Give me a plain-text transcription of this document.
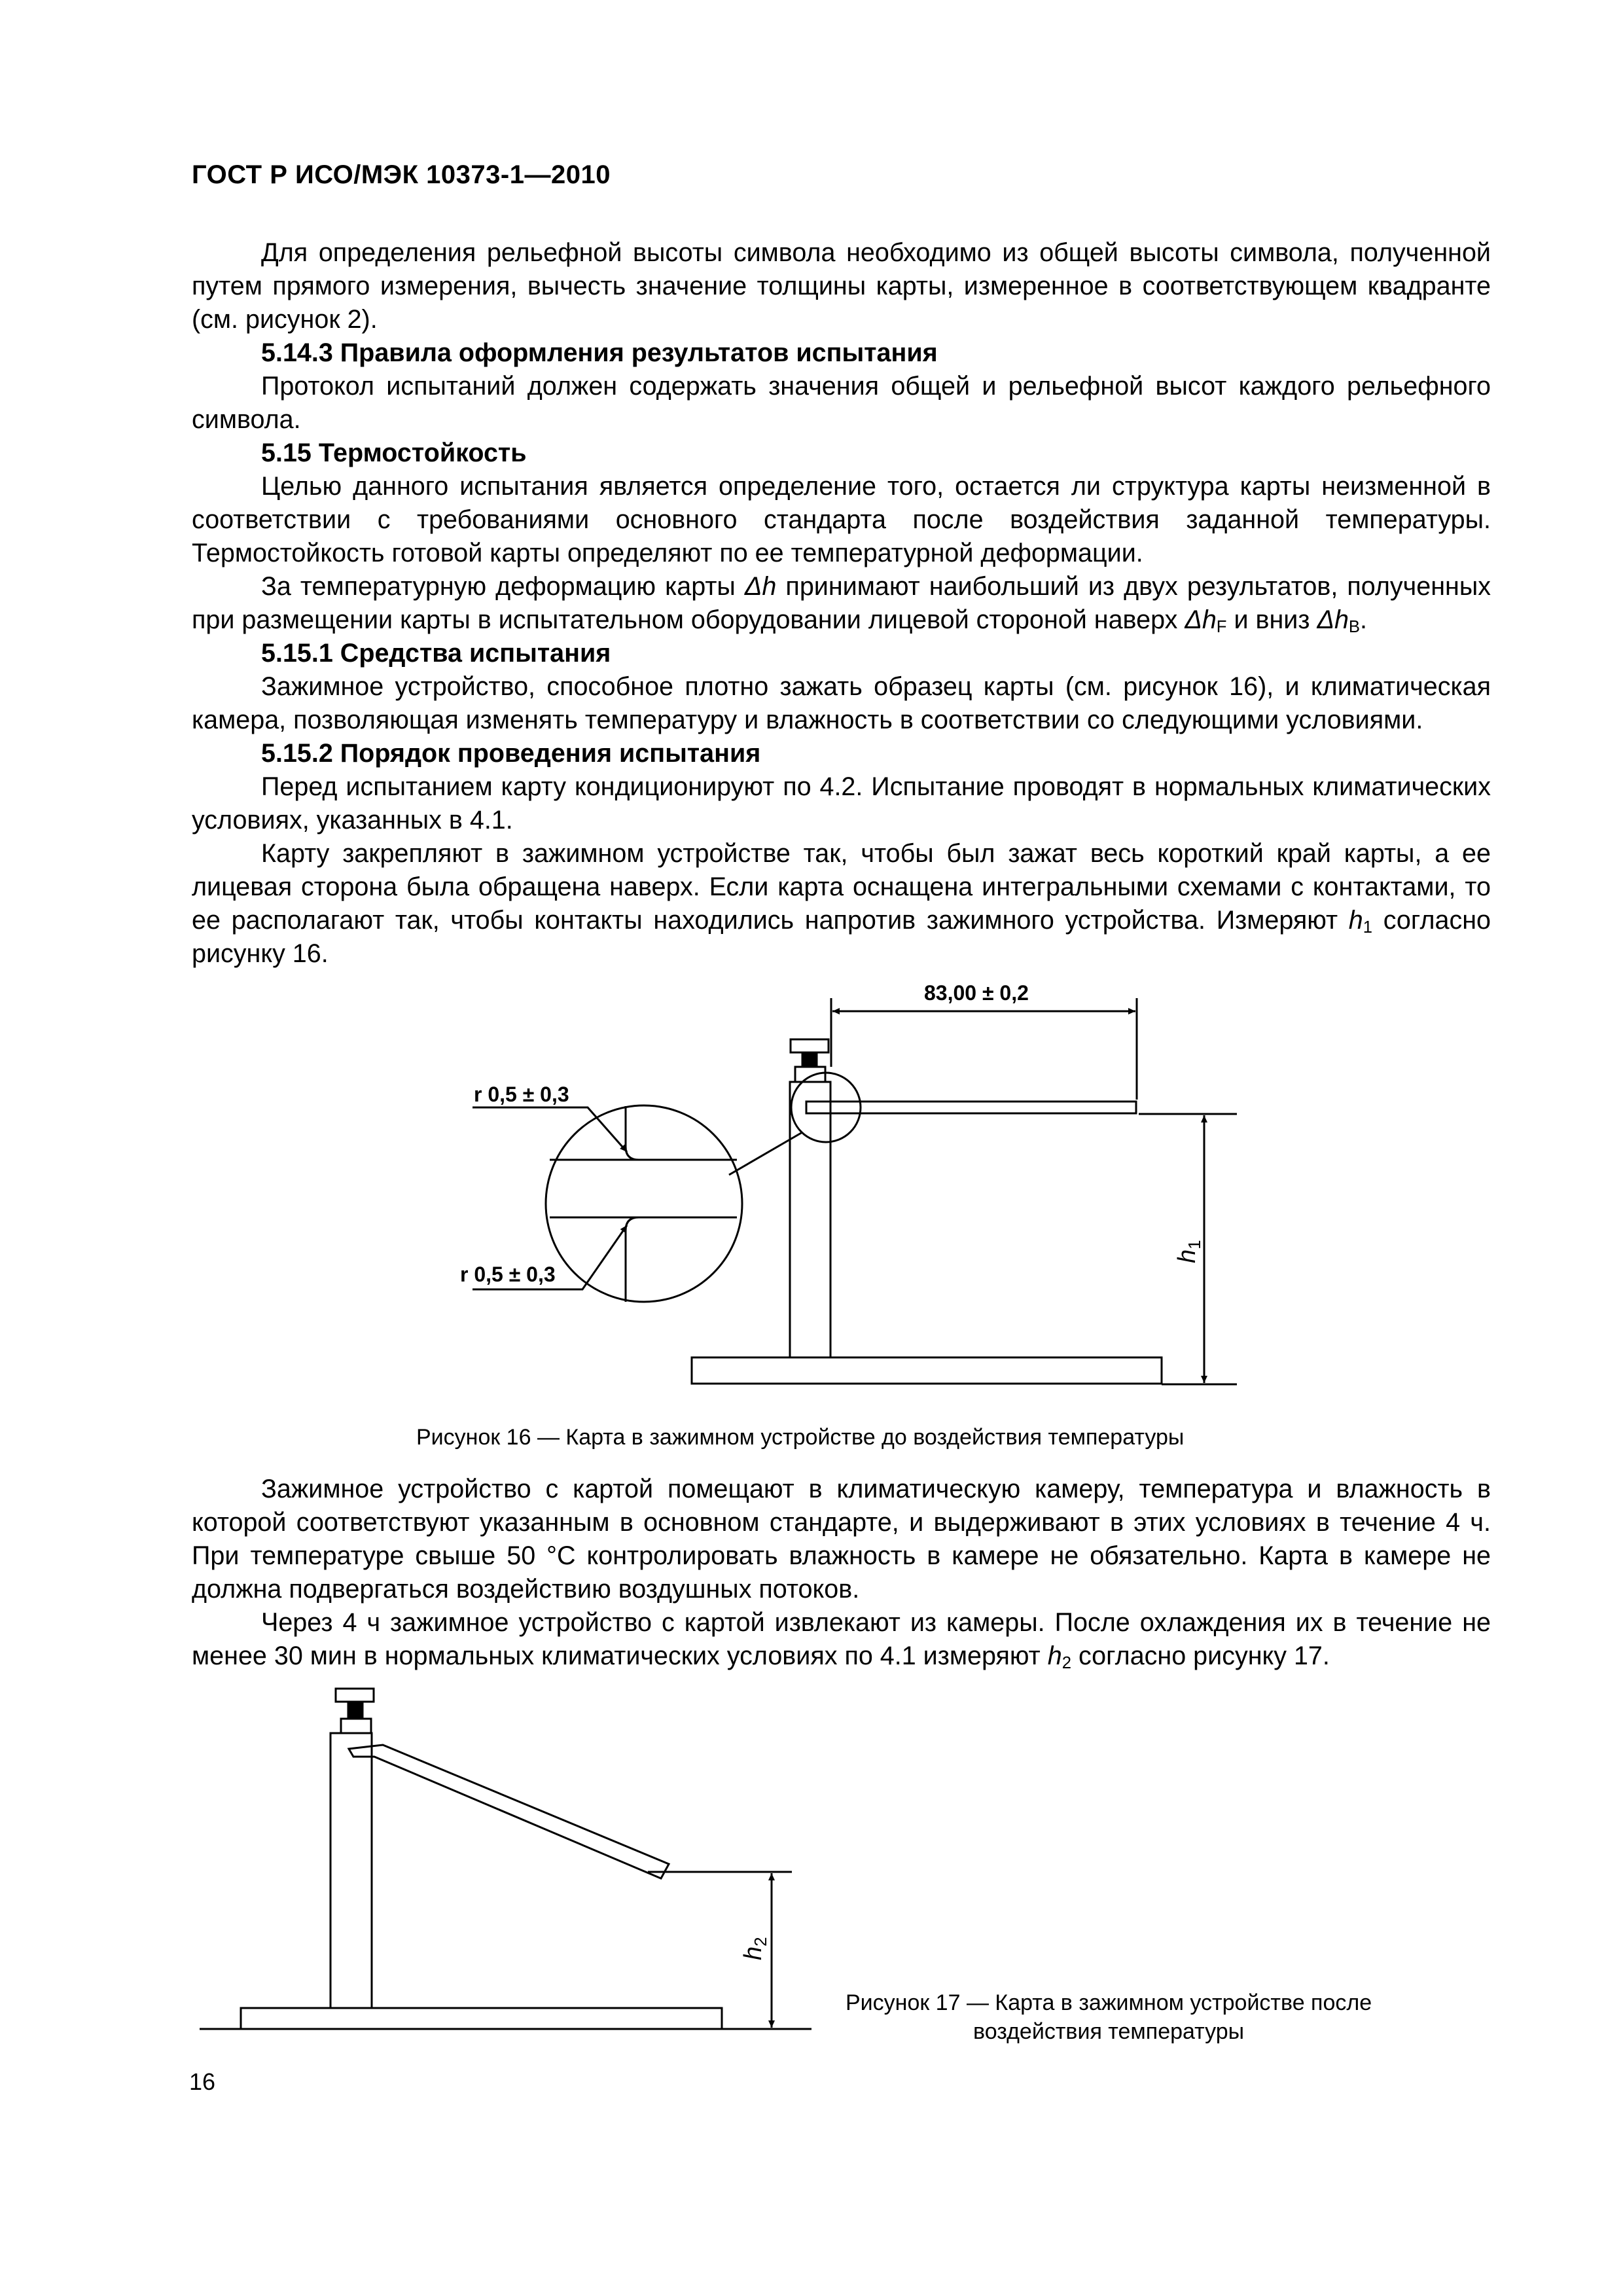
ГОСТ Р ИСО/МЭК 10373-1—2010

Для определения рельефной высоты символа необходимо из общей высоты символа, полученной путем прямого измерения, вычесть значение толщины карты, измеренное в соответствующем квадранте (см. рисунок 2).

5.14.3 Правила оформления результатов испытания

Протокол испытаний должен содержать значения общей и рельефной высот каждого рельефного символа.

5.15 Термостойкость

Целью данного испытания является определение того, остается ли структура карты неизменной в соответствии с требованиями основного стандарта после воздействия заданной температуры. Термостойкость готовой карты определяют по ее температурной деформации.

За температурную деформацию карты Δh принимают наибольший из двух результатов, полученных при размещении карты в испытательном оборудовании лицевой стороной наверх $\Delta h_F$ и вниз $\Delta h_B$.

5.15.1 Средства испытания

Зажимное устройство, способное плотно зажать образец карты (см. рисунок 16), и климатическая камера, позволяющая изменять температуру и влажность в соответствии со следующими условиями.

5.15.2 Порядок проведения испытания

Перед испытанием карту кондиционируют по 4.2. Испытание проводят в нормальных климатических условиях, указанных в 4.1.

Карту закрепляют в зажимном устройстве так, чтобы был зажат весь короткий край карты, а ее лицевая сторона была обращена наверх. Если карта оснащена интегральными схемами с контактами, то ее располагают так, чтобы контакты находились напротив зажимного устройства. Измеряют $h_1$ согласно рисунку 16.

83,00 ± 0,2
r 0,5 ± 0,3
r 0,5 ± 0,3
$h_1$
Рисунок 16 — Карта в зажимном устройстве до воздействия температуры

Зажимное устройство с картой помещают в климатическую камеру, температура и влажность в которой соответствуют указанным в основном стандарте, и выдерживают в этих условиях в течение 4 ч. При температуре свыше 50 °С контролировать влажность в камере не обязательно. Карта в камере не должна подвергаться воздействию воздушных потоков.

Через 4 ч зажимное устройство с картой извлекают из камеры. После охлаждения их в течение не менее 30 мин в нормальных климатических условиях по 4.1 измеряют $h_2$ согласно рисунку 17.

$h_2$
Рисунок 17 — Карта в зажимном устройстве после
воздействия температуры
16
